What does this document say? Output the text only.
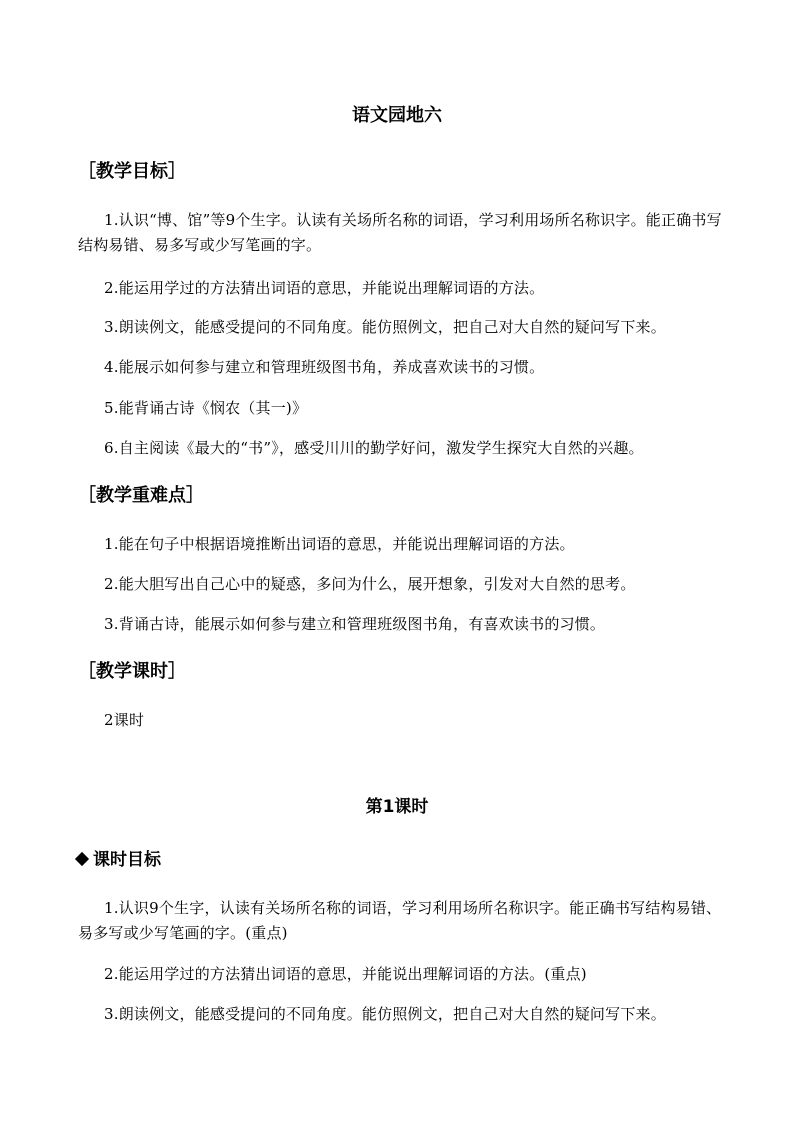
语文园地六
［教学目标］
1.认识“博、馆”等9个生字。认读有关场所名称的词语，学习利用场所名称识字。能正确书写结构易错、易多写或少写笔画的字。
2.能运用学过的方法猜出词语的意思，并能说出理解词语的方法。
3.朗读例文，能感受提问的不同角度。能仿照例文，把自己对大自然的疑问写下来。
4.能展示如何参与建立和管理班级图书角，养成喜欢读书的习惯。
5.能背诵古诗《悯农（其一)》
6.自主阅读《最大的“书”》，感受川川的勤学好问，激发学生探究大自然的兴趣。
［教学重难点］
1.能在句子中根据语境推断出词语的意思，并能说出理解词语的方法。
2.能大胆写出自己心中的疑惑，多问为什么，展开想象，引发对大自然的思考。
3.背诵古诗，能展示如何参与建立和管理班级图书角，有喜欢读书的习惯。
［教学课时］
2课时
第1课时
课时目标
1.认识9个生字，认读有关场所名称的词语，学习利用场所名称识字。能正确书写结构易错、易多写或少写笔画的字。(重点)
2.能运用学过的方法猜出词语的意思，并能说出理解词语的方法。(重点)
3.朗读例文，能感受提问的不同角度。能仿照例文，把自己对大自然的疑问写下来。
